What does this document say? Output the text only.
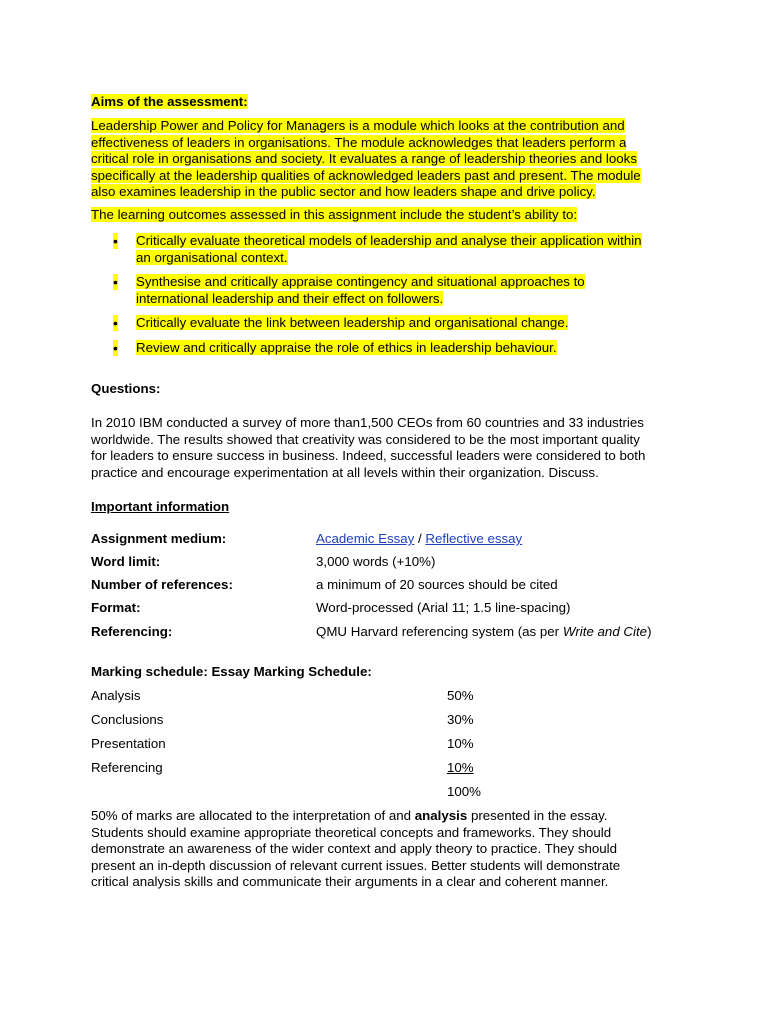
Aims of the assessment:
Leadership Power and Policy for Managers is a module which looks at the contribution and
effectiveness of leaders in organisations. The module acknowledges that leaders perform a
critical role in organisations and society. It evaluates a range of leadership theories and looks
specifically at the leadership qualities of acknowledged leaders past and present. The module
also examines leadership in the public sector and how leaders shape and drive policy.
The learning outcomes assessed in this assignment include the student’s ability to:
• Critically evaluate theoretical models of leadership and analyse their application within
an organisational context.
• Synthesise and critically appraise contingency and situational approaches to
international leadership and their effect on followers.
• Critically evaluate the link between leadership and organisational change.
• Review and critically appraise the role of ethics in leadership behaviour.
Questions:
In 2010 IBM conducted a survey of more than1,500 CEOs from 60 countries and 33 industries
worldwide. The results showed that creativity was considered to be the most important quality
for leaders to ensure success in business. Indeed, successful leaders were considered to both
practice and encourage experimentation at all levels within their organization. Discuss.
Important information
Assignment medium:	Academic Essay / Reflective essay
Word limit:	3,000 words (+10%)
Number of references:	a minimum of 20 sources should be cited
Format:	Word-processed (Arial 11; 1.5 line-spacing)
Referencing:	QMU Harvard referencing system (as per Write and Cite)
Marking schedule: Essay Marking Schedule:
Analysis	50%
Conclusions	30%
Presentation	10%
Referencing	10%
100%
50% of marks are allocated to the interpretation of and analysis presented in the essay.
Students should examine appropriate theoretical concepts and frameworks. They should
demonstrate an awareness of the wider context and apply theory to practice. They should
present an in-depth discussion of relevant current issues. Better students will demonstrate
critical analysis skills and communicate their arguments in a clear and coherent manner.
